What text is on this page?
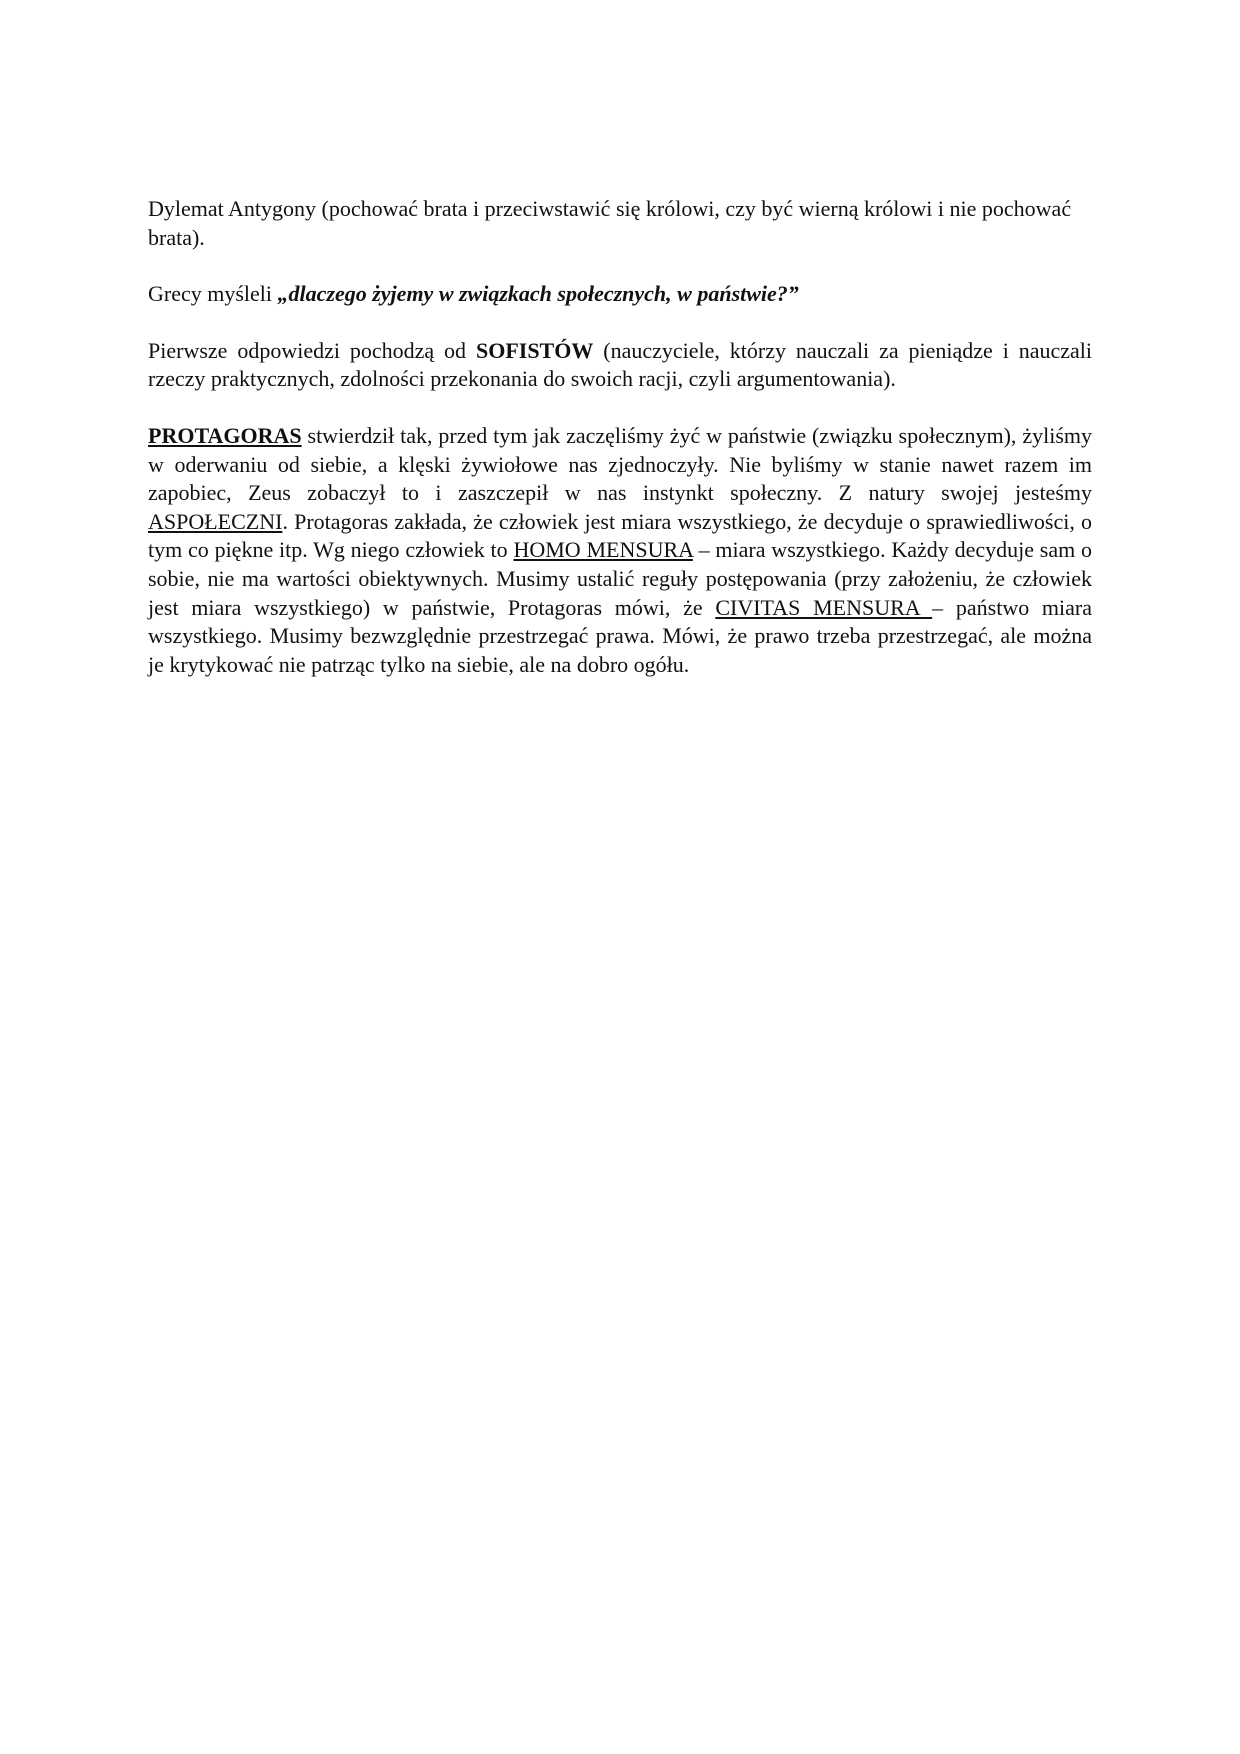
Dylemat Antygony (pochować brata i przeciwstawić się królowi, czy być wierną królowi i nie pochować brata).

Grecy myśleli „dlaczego żyjemy w związkach społecznych, w państwie?”

Pierwsze odpowiedzi pochodzą od SOFISTÓW (nauczyciele, którzy nauczali za pieniądze i nauczali rzeczy praktycznych, zdolności przekonania do swoich racji, czyli argumentowania).

PROTAGORAS stwierdził tak, przed tym jak zaczęliśmy żyć w państwie (związku społecznym), żyliśmy w oderwaniu od siebie, a klęski żywiołowe nas zjednoczyły. Nie byliśmy w stanie nawet razem im zapobiec, Zeus zobaczył to i zaszczepił w nas instynkt społeczny. Z natury swojej jesteśmy ASPOŁECZNI. Protagoras zakłada, że człowiek jest miara wszystkiego, że decyduje o sprawiedliwości, o tym co piękne itp. Wg niego człowiek to HOMO MENSURA – miara wszystkiego. Każdy decyduje sam o sobie, nie ma wartości obiektywnych. Musimy ustalić reguły postępowania (przy założeniu, że człowiek jest miara wszystkiego) w państwie, Protagoras mówi, że CIVITAS MENSURA – państwo miara wszystkiego. Musimy bezwzględnie przestrzegać prawa. Mówi, że prawo trzeba przestrzegać, ale można je krytykować nie patrząc tylko na siebie, ale na dobro ogółu.
